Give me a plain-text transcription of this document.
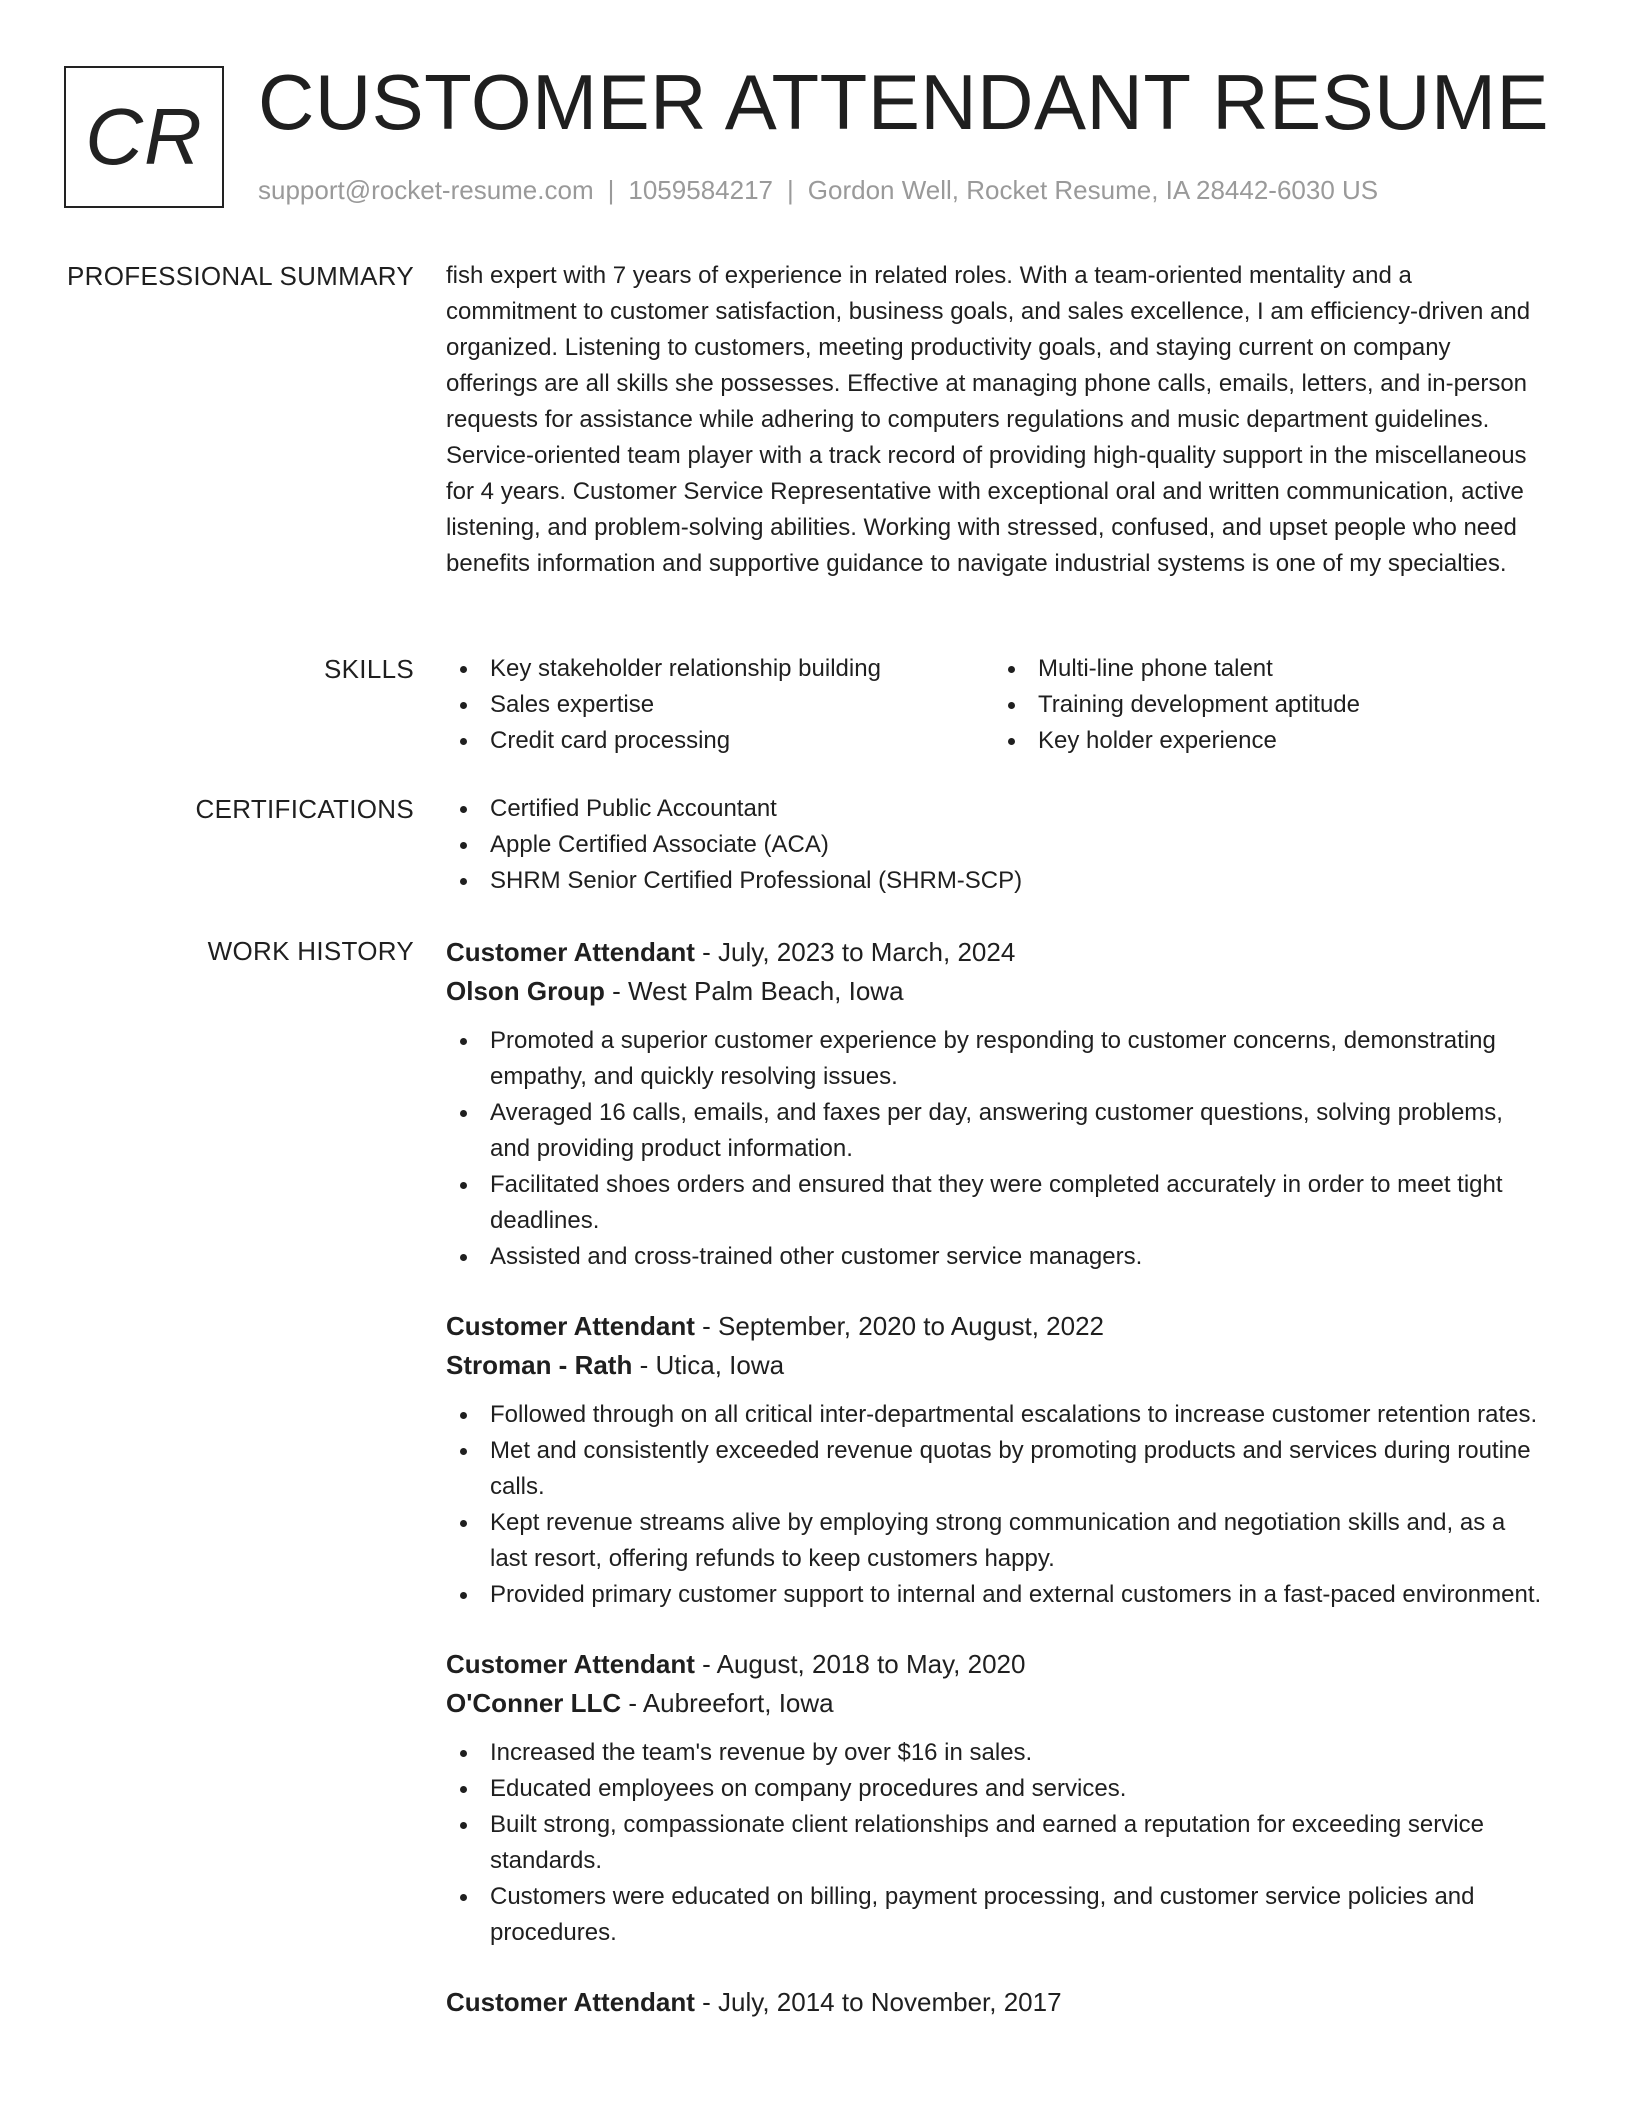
CR CUSTOMER ATTENDANT RESUME
support@rocket-resume.com | 1059584217 | Gordon Well, Rocket Resume, IA 28442-6030 US
PROFESSIONAL SUMMARY fish expert with 7 years of experience in related roles. With a team-oriented mentality and a commitment to customer satisfaction, business goals, and sales excellence, I am efficiency-driven and organized. Listening to customers, meeting productivity goals, and staying current on company offerings are all skills she possesses. Effective at managing phone calls, emails, letters, and in-person requests for assistance while adhering to computers regulations and music department guidelines. Service-oriented team player with a track record of providing high-quality support in the miscellaneous for 4 years. Customer Service Representative with exceptional oral and written communication, active listening, and problem-solving abilities. Working with stressed, confused, and upset people who need benefits information and supportive guidance to navigate industrial systems is one of my specialties.

SKILLS	Key stakeholder relationship building
Sales expertise
Credit card processing
Multi-line phone talent
Training development aptitude
Key holder experience
CERTIFICATIONS	Certified Public Accountant
Apple Certified Associate (ACA)
SHRM Senior Certified Professional (SHRM-SCP)
WORK HISTORY Customer Attendant - July, 2023 to March, 2024
Olson Group - West Palm Beach, Iowa
Promoted a superior customer experience by responding to customer concerns, demonstrating empathy, and quickly resolving issues.
Averaged 16 calls, emails, and faxes per day, answering customer questions, solving problems, and providing product information.
Facilitated shoes orders and ensured that they were completed accurately in order to meet tight deadlines.
Assisted and cross-trained other customer service managers.
Customer Attendant - September, 2020 to August, 2022
Stroman - Rath - Utica, Iowa
Followed through on all critical inter-departmental escalations to increase customer retention rates.
Met and consistently exceeded revenue quotas by promoting products and services during routine calls.
Kept revenue streams alive by employing strong communication and negotiation skills and, as a last resort, offering refunds to keep customers happy.
Provided primary customer support to internal and external customers in a fast-paced environment.
Customer Attendant - August, 2018 to May, 2020
O'Conner LLC - Aubreefort, Iowa
Increased the team's revenue by over $16 in sales.
Educated employees on company procedures and services.
Built strong, compassionate client relationships and earned a reputation for exceeding service standards.
Customers were educated on billing, payment processing, and customer service policies and procedures.
Customer Attendant - July, 2014 to November, 2017
